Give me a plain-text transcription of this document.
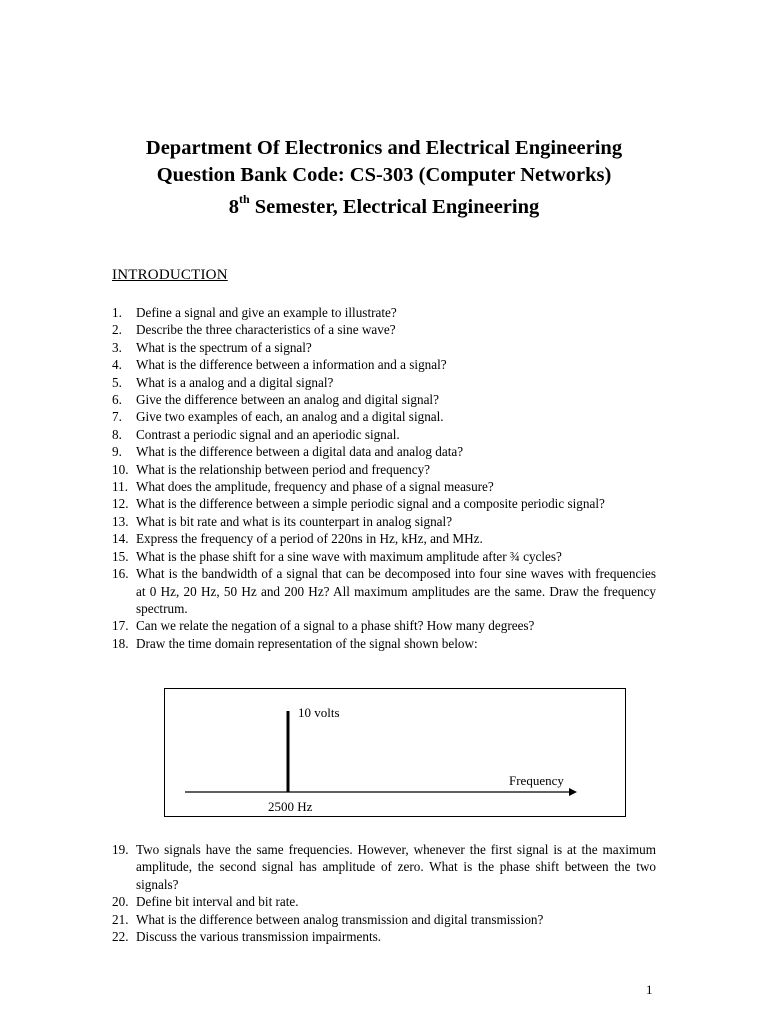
Department Of Electronics and Electrical Engineering
Question Bank Code: CS-303 (Computer Networks)
8th Semester, Electrical Engineering
INTRODUCTION
1. Define a signal and give an example to illustrate?
2. Describe the three characteristics of a sine wave?
3. What is the spectrum of a signal?
4. What is the difference between a information and a signal?
5. What is a analog and a digital signal?
6. Give the difference between an analog and digital signal?
7. Give two examples of each, an analog and a digital signal.
8. Contrast a periodic signal and an aperiodic signal.
9. What is the difference between a digital data and analog data?
10. What is the relationship between period and frequency?
11. What does the amplitude, frequency and phase of a signal measure?
12. What is the difference between a simple periodic signal and a composite periodic signal?
13. What is bit rate and what is its counterpart in analog signal?
14. Express the frequency of a period of 220ns in Hz, kHz, and MHz.
15. What is the phase shift for a sine wave with maximum amplitude after ¾ cycles?
16. What is the bandwidth of a signal that can be decomposed into four sine waves with frequencies at 0 Hz, 20 Hz, 50 Hz and 200 Hz? All maximum amplitudes are the same. Draw the frequency spectrum.
17. Can we relate the negation of a signal to a phase shift? How many degrees?
18. Draw the time domain representation of the signal shown below:
10 volts
Frequency
2500 Hz
19. Two signals have the same frequencies. However, whenever the first signal is at the maximum amplitude, the second signal has amplitude of zero. What is the phase shift between the two signals?
20. Define bit interval and bit rate.
21. What is the difference between analog transmission and digital transmission?
22. Discuss the various transmission impairments.
1
